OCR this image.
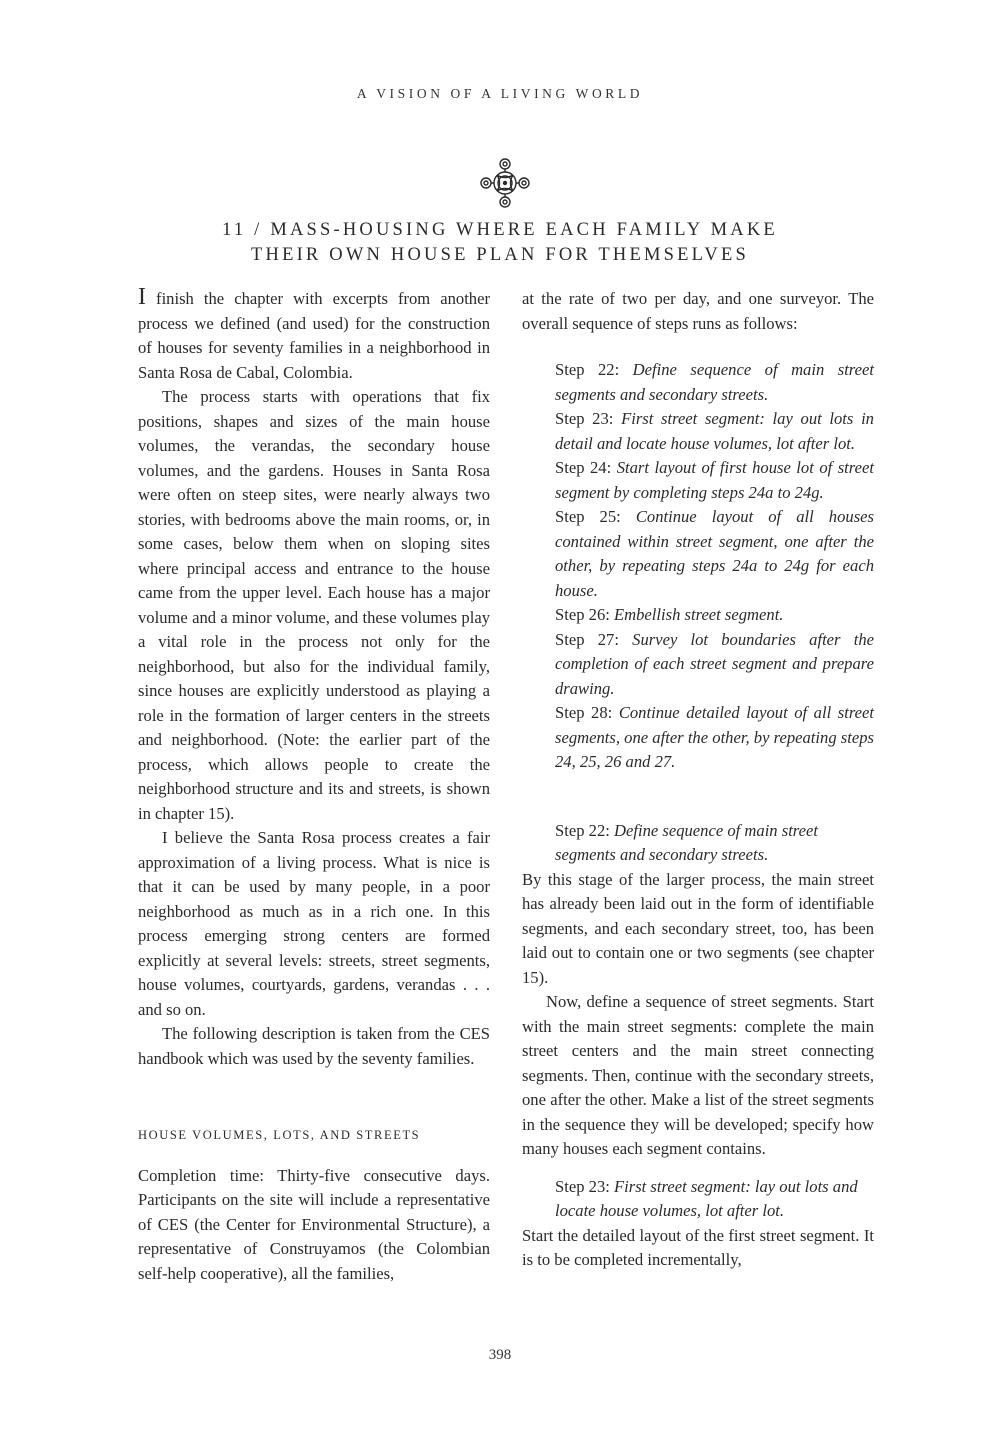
A VISION OF A LIVING WORLD
11 / MASS-HOUSING WHERE EACH FAMILY MAKE
THEIR OWN HOUSE PLAN FOR THEMSELVES

I finish the chapter with excerpts from another process we defined (and used) for the construction of houses for seventy families in a neighborhood in Santa Rosa de Cabal, Colombia.

The process starts with operations that fix positions, shapes and sizes of the main house volumes, the verandas, the secondary house volumes, and the gardens. Houses in Santa Rosa were often on steep sites, were nearly always two stories, with bedrooms above the main rooms, or, in some cases, below them when on sloping sites where principal access and entrance to the house came from the upper level. Each house has a major volume and a minor volume, and these volumes play a vital role in the process not only for the neighborhood, but also for the individual family, since houses are explicitly understood as playing a role in the formation of larger centers in the streets and neighborhood. (Note: the earlier part of the process, which allows people to create the neighborhood structure and its and streets, is shown in chapter 15).

I believe the Santa Rosa process creates a fair approximation of a living process. What is nice is that it can be used by many people, in a poor neighborhood as much as in a rich one. In this process emerging strong centers are formed explicitly at several levels: streets, street segments, house volumes, courtyards, gardens, verandas . . . and so on.

The following description is taken from the CES handbook which was used by the seventy families.

HOUSE VOLUMES, LOTS, AND STREETS

Completion time: Thirty-five consecutive days. Participants on the site will include a representative of CES (the Center for Environmental Structure), a representative of Construyamos (the Colombian self-help cooperative), all the families,

at the rate of two per day, and one surveyor. The overall sequence of steps runs as follows:

Step 22: Define sequence of main street segments and secondary streets.

Step 23: First street segment: lay out lots in detail and locate house volumes, lot after lot.

Step 24: Start layout of first house lot of street segment by completing steps 24a to 24g.

Step 25: Continue layout of all houses contained within street segment, one after the other, by repeating steps 24a to 24g for each house.

Step 26: Embellish street segment.

Step 27: Survey lot boundaries after the completion of each street segment and prepare drawing.

Step 28: Continue detailed layout of all street segments, one after the other, by repeating steps 24, 25, 26 and 27.

Step 22: Define sequence of main street segments and secondary streets.

By this stage of the larger process, the main street has already been laid out in the form of identifiable segments, and each secondary street, too, has been laid out to contain one or two segments (see chapter 15).

Now, define a sequence of street segments. Start with the main street segments: complete the main street centers and the main street connecting segments. Then, continue with the secondary streets, one after the other. Make a list of the street segments in the sequence they will be developed; specify how many houses each segment contains.

Step 23: First street segment: lay out lots and locate house volumes, lot after lot.

Start the detailed layout of the first street segment. It is to be completed incrementally,

398
